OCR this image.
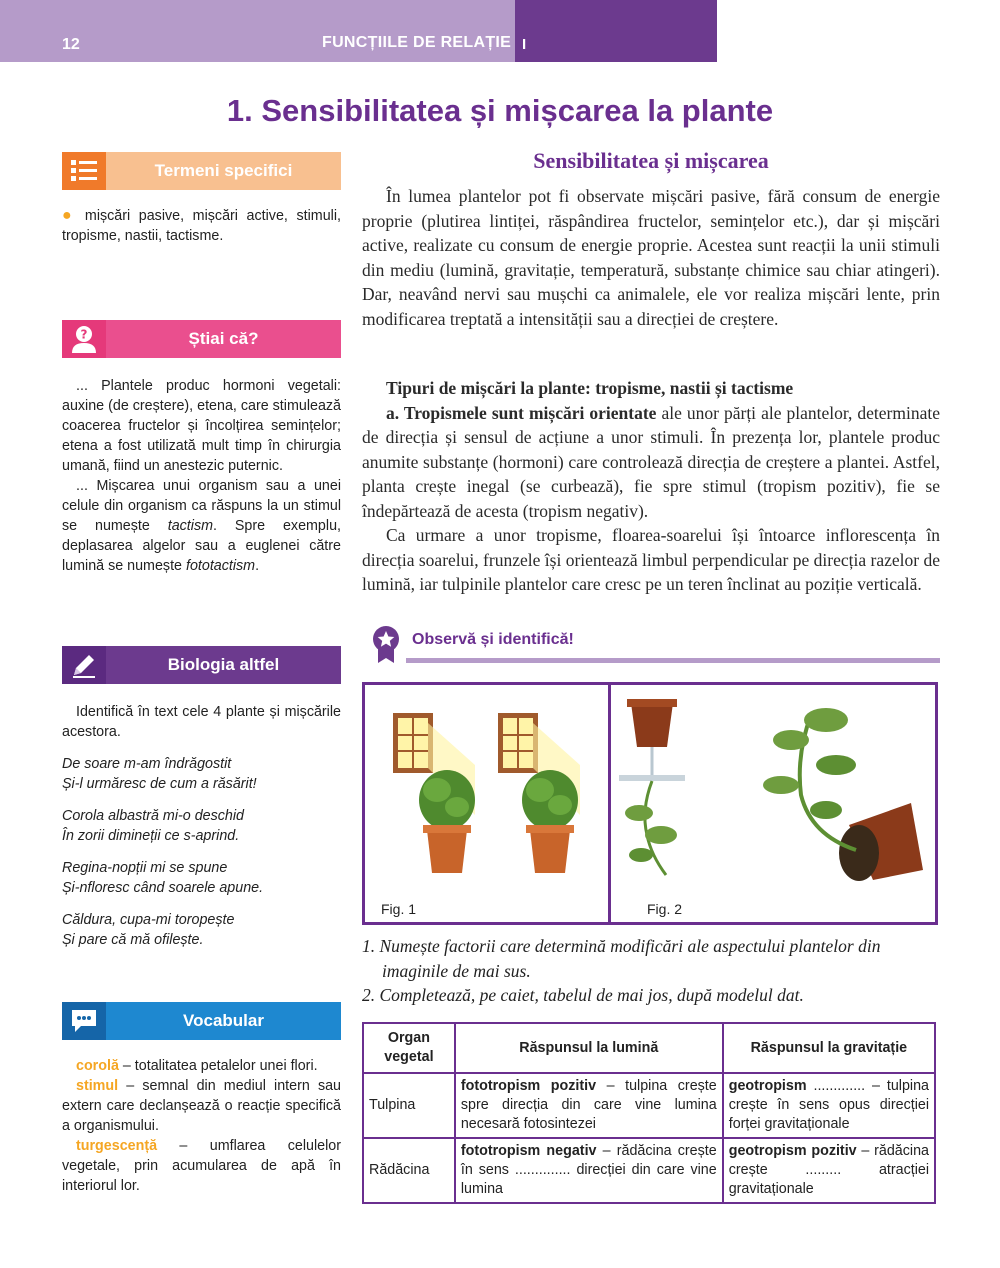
12	FUNCȚIILE DE RELAȚIE I
1. Sensibilitatea și mișcarea la plante
Termeni specifici

● mișcări pasive, mișcări active, stimuli, tropisme, nastii, tactisme.

?	Știai că?

... Plantele produc hormoni vegetali: auxine (de creștere), etena, care stimulează coacerea fructelor și încolțirea semințelor; etena a fost utilizată mult timp în chirurgia umană, fiind un anestezic puternic.

... Mișcarea unui organism sau a unei celule din organism ca răspuns la un stimul se numește tactism. Spre exemplu, deplasarea algelor sau a euglenei către lumină se numește fototactism.

Biologia altfel

Identifică în text cele 4 plante și mișcările acestora.

De soare m-am îndrăgostit
Și-l urmăresc de cum a răsărit!
Corola albastră mi-o deschid
În zorii dimineții ce s-aprind.
Regina-nopții mi se spune
Și-nfloresc când soarele apune.
Căldura, cupa-mi toropește
Și pare că mă ofilește.
Vocabular

corolă – totalitatea petalelor unei flori.

stimul – semnal din mediul intern sau extern care declanșează o reacție specifică a organismului.

turgescență – umflarea celulelor vegetale, prin acumularea de apă în interiorul lor.

Sensibilitatea și mișcarea

În lumea plantelor pot fi observate mișcări pasive, fără consum de energie proprie (plutirea lintiței, răspândirea fructelor, semințelor etc.), dar și mișcări active, realizate cu consum de energie proprie. Acestea sunt reacții la unii stimuli din mediu (lumină, gravitație, temperatură, substanțe chimice sau chiar atingeri). Dar, neavând nervi sau mușchi ca animalele, ele vor realiza mișcări lente, prin modificarea treptată a intensității sau a direcției de creștere.

Tipuri de mișcări la plante: tropisme, nastii și tactisme

a. Tropismele sunt mișcări orientate ale unor părți ale plantelor, determinate de direcția și sensul de acțiune a unor stimuli. În prezența lor, plantele produc anumite substanțe (hormoni) care controlează direcția de creștere a plantei. Astfel, planta crește inegal (se curbează), fie spre stimul (tropism pozitiv), fie se îndepărtează de acesta (tropism negativ).

Ca urmare a unor tropisme, floarea-soarelui își întoarce inflorescența în direcția soarelui, frunzele își orientează limbul perpendicular pe direcția razelor de lumină, iar tulpinile plantelor care cresc pe un teren înclinat au poziție verticală.

Observă și identifică!
Fig. 1	Fig. 2
1. Numește factorii care determină modificări ale aspectului plantelor din imaginile de mai sus.
2. Completează, pe caiet, tabelul de mai jos, după modelul dat.
Organ vegetal	Răspunsul la lumină	Răspunsul la gravitație
Tulpina	fototropism pozitiv – tulpina crește spre direcția din care vine lumina necesară fotosintezei	geotropism ............. – tulpina crește în sens opus direcției forței gravitaționale
Rădăcina	fototropism negativ – rădăcina crește în sens .............. direcției din care vine lumina	geotropism pozitiv – rădăcina crește ......... atracției gravitaționale
